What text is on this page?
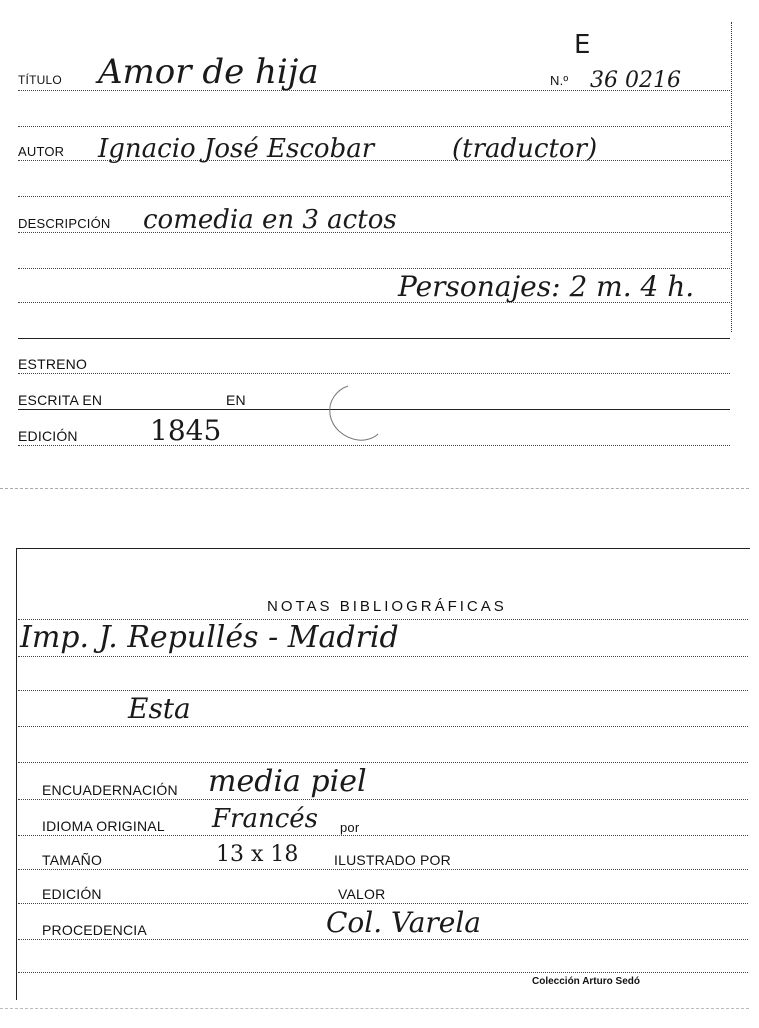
E
TÍTULO Amor de hija	N.º 36 0216
AUTOR Ignacio José Escobar	(traductor)
DESCRIPCIÓN comedia en 3 actos
Personajes: 2 m. 4 h.
ESTRENO
ESCRITA EN	EN
EDICIÓN	1845
NOTAS BIBLIOGRÁFICAS
Imp. J. Repullés - Madrid
Esta
ENCUADERNACIÓN media piel
IDIOMA ORIGINAL Francés por
TAMAÑO	13 x 18	ILUSTRADO POR
EDICIÓN	VALOR
PROCEDENCIA	Col. Varela
Colección Arturo Sedó
